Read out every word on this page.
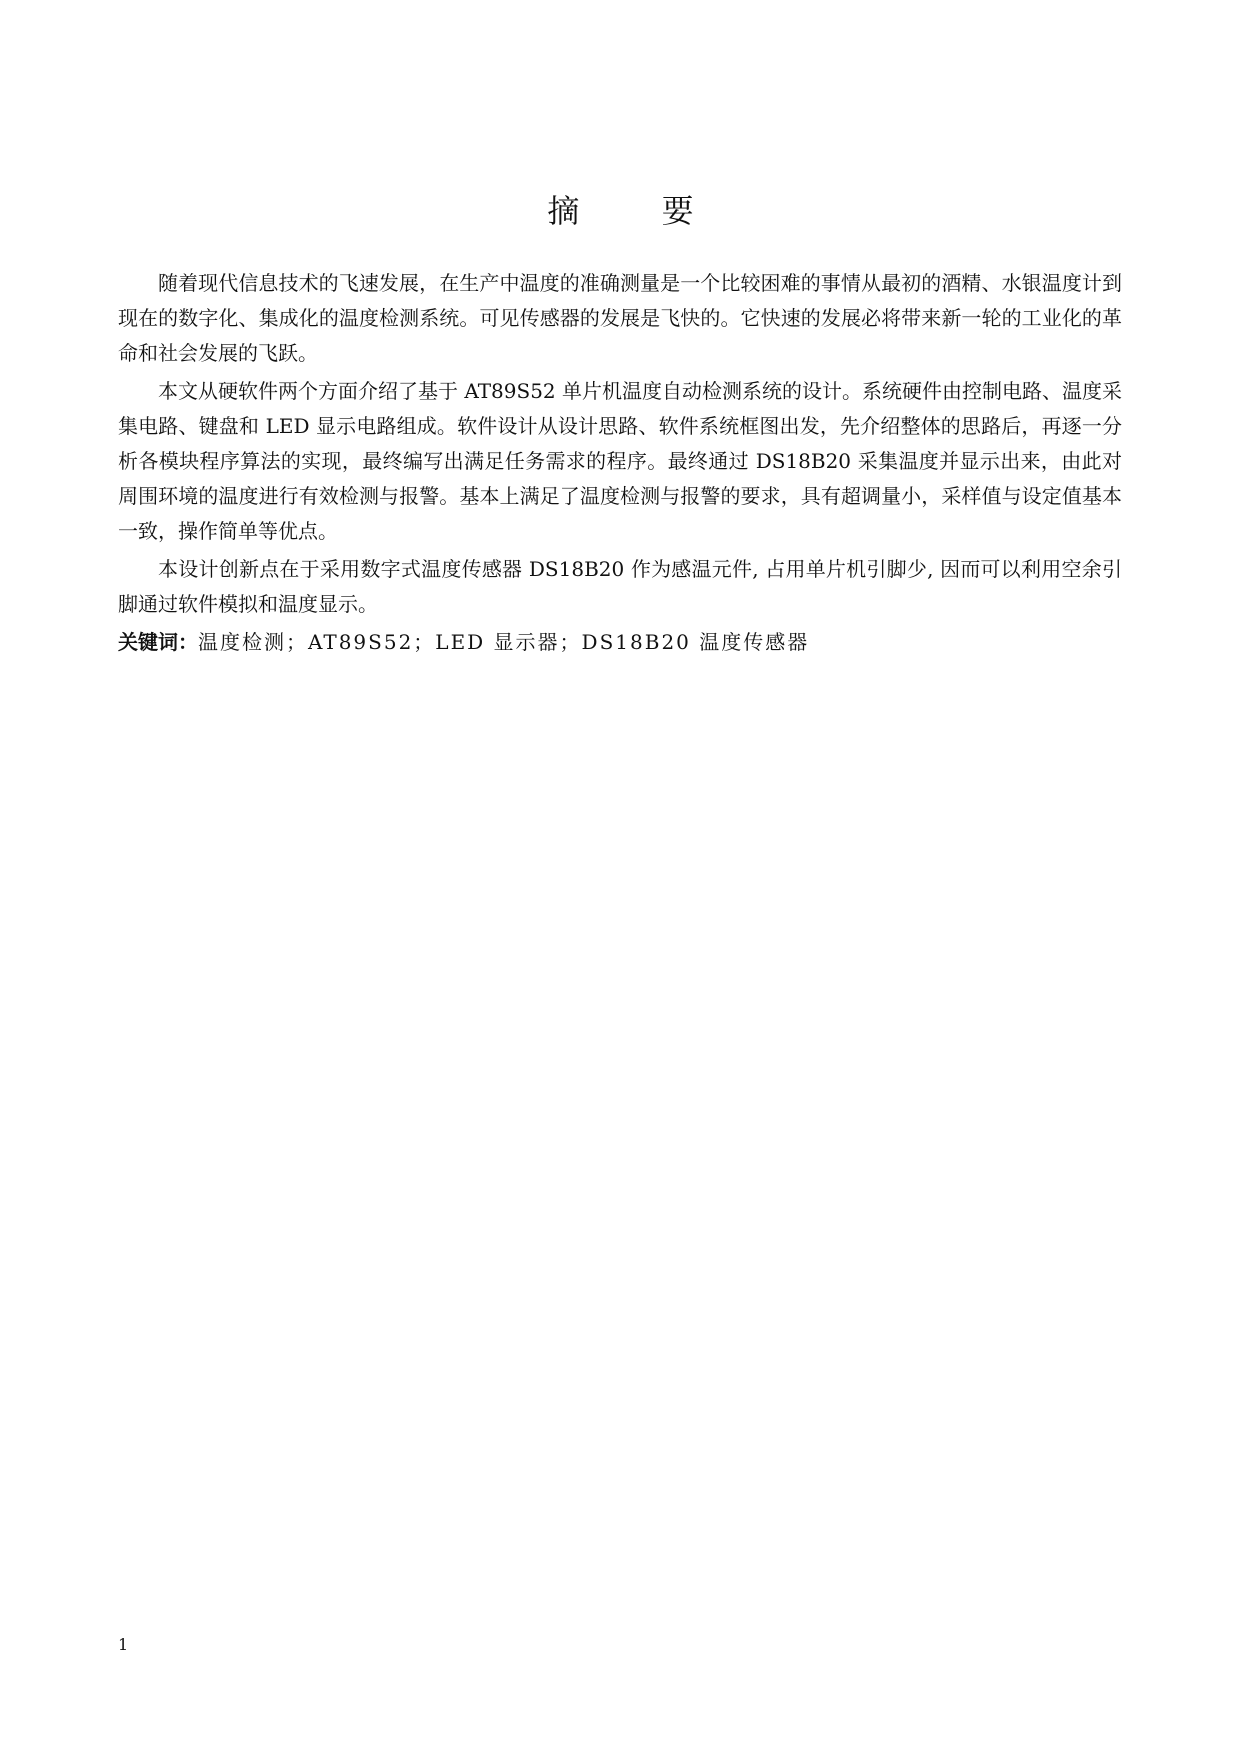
摘 要

随着现代信息技术的飞速发展，在生产中温度的准确测量是一个比较困难的事情从最初的酒精、水银温度计到现在的数字化、集成化的温度检测系统。可见传感器的发展是飞快的。它快速的发展必将带来新一轮的工业化的革命和社会发展的飞跃。

本文从硬软件两个方面介绍了基于 AT89S52 单片机温度自动检测系统的设计。系统硬件由控制电路、温度采集电路、键盘和 LED 显示电路组成。软件设计从设计思路、软件系统框图出发，先介绍整体的思路后，再逐一分析各模块程序算法的实现，最终编写出满足任务需求的程序。最终通过 DS18B20 采集温度并显示出来，由此对周围环境的温度进行有效检测与报警。基本上满足了温度检测与报警的要求，具有超调量小，采样值与设定值基本一致，操作简单等优点。

本设计创新点在于采用数字式温度传感器 DS18B20 作为感温元件, 占用单片机引脚少, 因而可以利用空余引脚通过软件模拟和温度显示。

关键词：温度检测；AT89S52；LED 显示器；DS18B20 温度传感器

1
